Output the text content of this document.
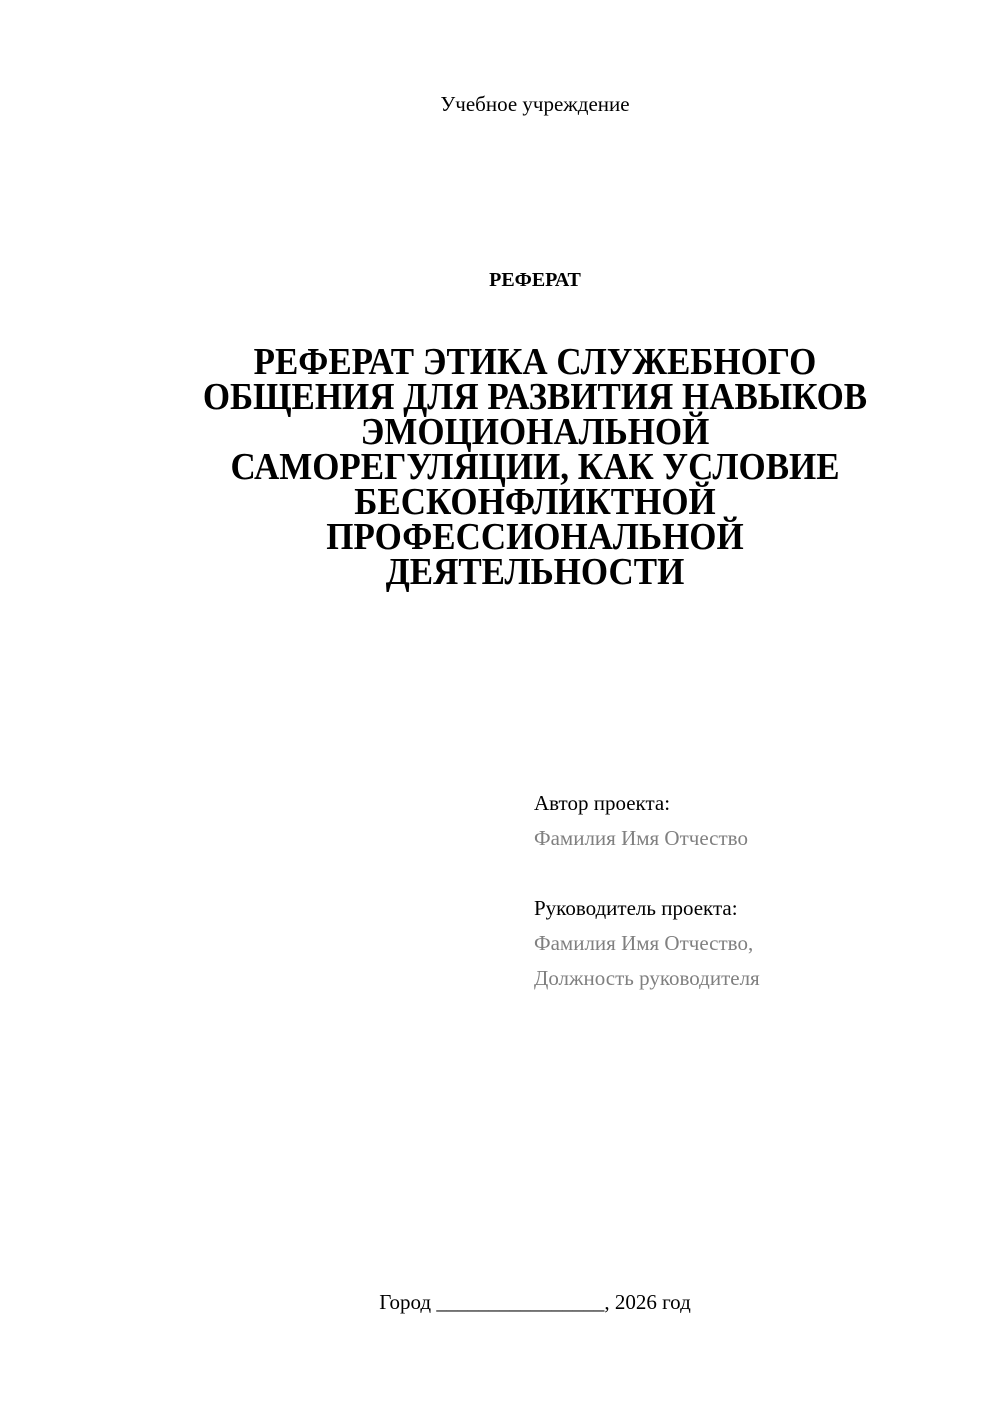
Учебное учреждение
РЕФЕРАТ
РЕФЕРАТ ЭТИКА СЛУЖЕБНОГО
ОБЩЕНИЯ ДЛЯ РАЗВИТИЯ НАВЫКОВ
ЭМОЦИОНАЛЬНОЙ
САМОРЕГУЛЯЦИИ, КАК УСЛОВИЕ
БЕСКОНФЛИКТНОЙ
ПРОФЕССИОНАЛЬНОЙ
ДЕЯТЕЛЬНОСТИ
Автор проекта:
Фамилия Имя Отчество
Руководитель проекта:
Фамилия Имя Отчество,
Должность руководителя
Город ________________, 2026 год
